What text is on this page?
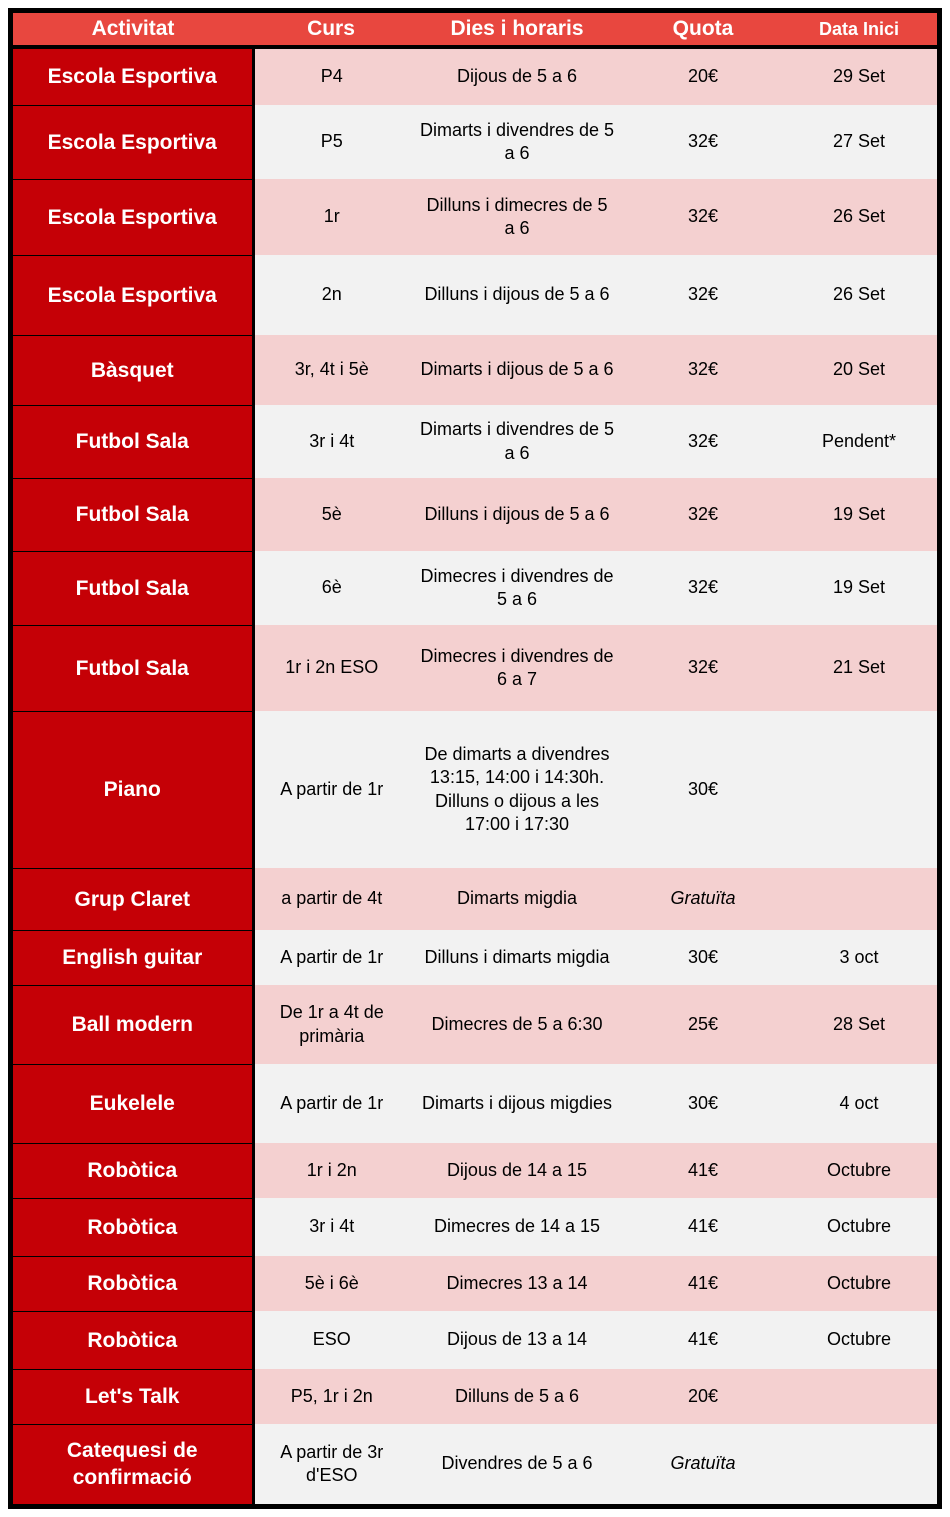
Activitat	Curs	Dies i horaris	Quota	Data Inici
Escola Esportiva	P4	Dijous de 5 a 6	20€	29 Set
Escola Esportiva	P5	Dimarts i divendres de 5 a 6	32€	27 Set
Escola Esportiva	1r	Dilluns i dimecres de 5 a 6	32€	26 Set
Escola Esportiva	2n	Dilluns i dijous de 5 a 6	32€	26 Set
Bàsquet	3r, 4t i 5è	Dimarts i dijous de 5 a 6	32€	20 Set
Futbol Sala	3r i 4t	Dimarts i divendres de 5 a 6	32€	Pendent*
Futbol Sala	5è	Dilluns i dijous de 5 a 6	32€	19 Set
Futbol Sala	6è	Dimecres i divendres de 5 a 6	32€	19 Set
Futbol Sala	1r i 2n ESO	Dimecres i divendres de 6 a 7	32€	21 Set
Piano	A partir de 1r	De dimarts a divendres 13:15, 14:00 i 14:30h. Dilluns o dijous a les 17:00 i 17:30	30€	
Grup Claret	a partir de 4t	Dimarts migdia	Gratuïta	
English guitar	A partir de 1r	Dilluns i dimarts migdia	30€	3 oct
Ball modern	De 1r a 4t de primària	Dimecres de 5 a 6:30	25€	28 Set
Eukelele	A partir de 1r	Dimarts i dijous migdies	30€	4 oct
Robòtica	1r i 2n	Dijous de 14 a 15	41€	Octubre
Robòtica	3r i 4t	Dimecres de 14 a 15	41€	Octubre
Robòtica	5è i 6è	Dimecres 13 a 14	41€	Octubre
Robòtica	ESO	Dijous de 13 a 14	41€	Octubre
Let's Talk	P5, 1r i 2n	Dilluns de 5 a 6	20€	
Catequesi de confirmació	A partir de 3r d'ESO	Divendres de 5 a 6	Gratuïta	
